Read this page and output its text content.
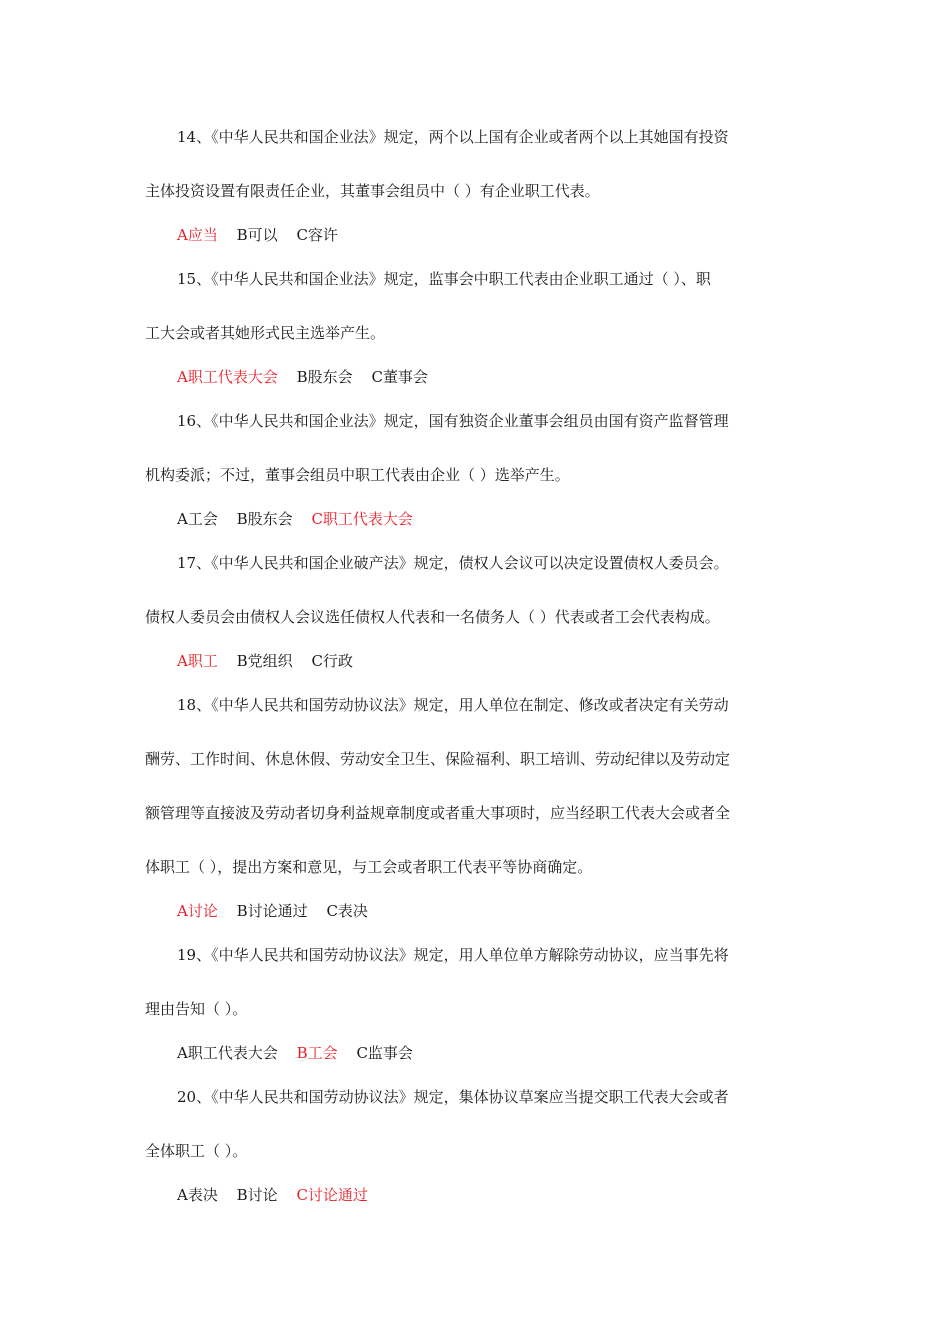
14、《中华人民共和国企业法》规定，两个以上国有企业或者两个以上其她国有投资
主体投资设置有限责任企业，其董事会组员中（ ）有企业职工代表。
A应当 B可以 C容许
15、《中华人民共和国企业法》规定，监事会中职工代表由企业职工通过（ ）、职
工大会或者其她形式民主选举产生。
A职工代表大会 B股东会 C董事会
16、《中华人民共和国企业法》规定，国有独资企业董事会组员由国有资产监督管理
机构委派；不过，董事会组员中职工代表由企业（ ）选举产生。
A工会 B股东会 C职工代表大会
17、《中华人民共和国企业破产法》规定，债权人会议可以决定设置债权人委员会。
债权人委员会由债权人会议选任债权人代表和一名债务人（ ）代表或者工会代表构成。
A职工 B党组织 C行政
18、《中华人民共和国劳动协议法》规定，用人单位在制定、修改或者决定有关劳动
酬劳、工作时间、休息休假、劳动安全卫生、保险福利、职工培训、劳动纪律以及劳动定
额管理等直接波及劳动者切身利益规章制度或者重大事项时，应当经职工代表大会或者全
体职工（ ），提出方案和意见，与工会或者职工代表平等协商确定。
A讨论 B讨论通过 C表决
19、《中华人民共和国劳动协议法》规定，用人单位单方解除劳动协议，应当事先将
理由告知（ ）。
A职工代表大会 B工会 C监事会
20、《中华人民共和国劳动协议法》规定，集体协议草案应当提交职工代表大会或者
全体职工（ ）。
A表决 B讨论 C讨论通过
